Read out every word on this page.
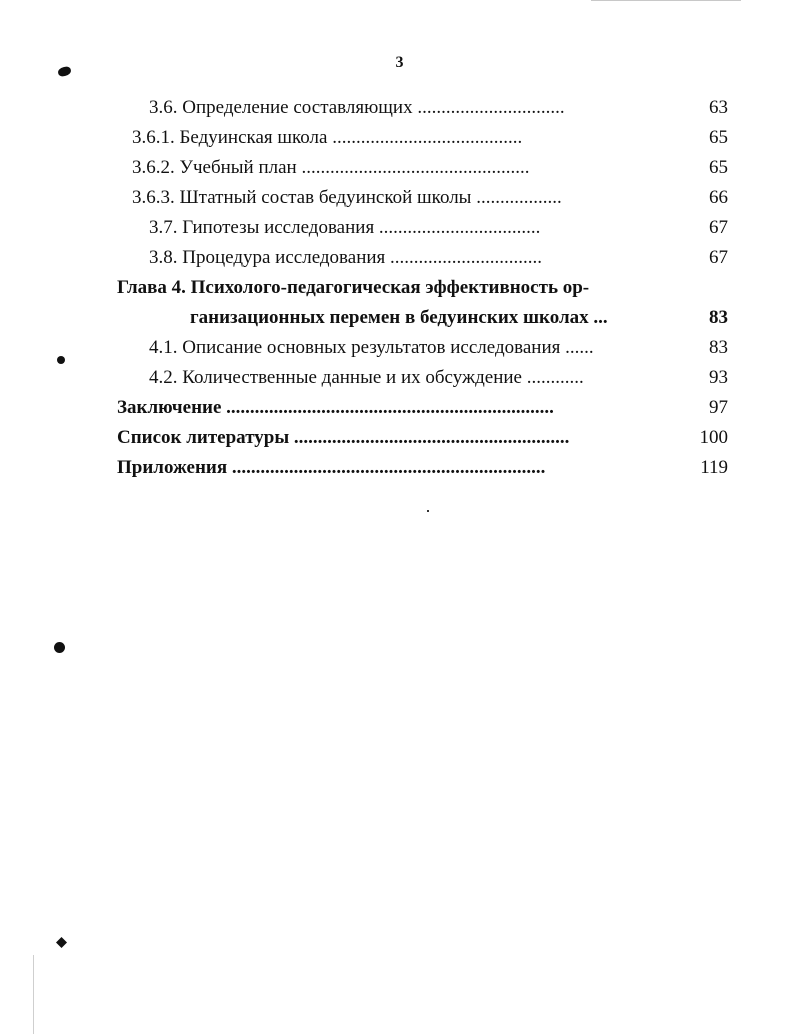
3
3.6. Определение составляющих ...............................	63
3.6.1. Бедуинская школа ........................................	65
3.6.2. Учебный план ................................................	65
3.6.3. Штатный состав бедуинской школы ..................	66
3.7. Гипотезы исследования ..................................	67
3.8. Процедура исследования ................................	67
Глава 4. Психолого-педагогическая эффективность ор-
ганизационных перемен в бедуинских школах ...	83
4.1. Описание основных результатов исследования ......	83
4.2. Количественные данные и их обсуждение ............	93
Заключение .....................................................................	97
Список литературы ..........................................................	100
Приложения ..................................................................	119
